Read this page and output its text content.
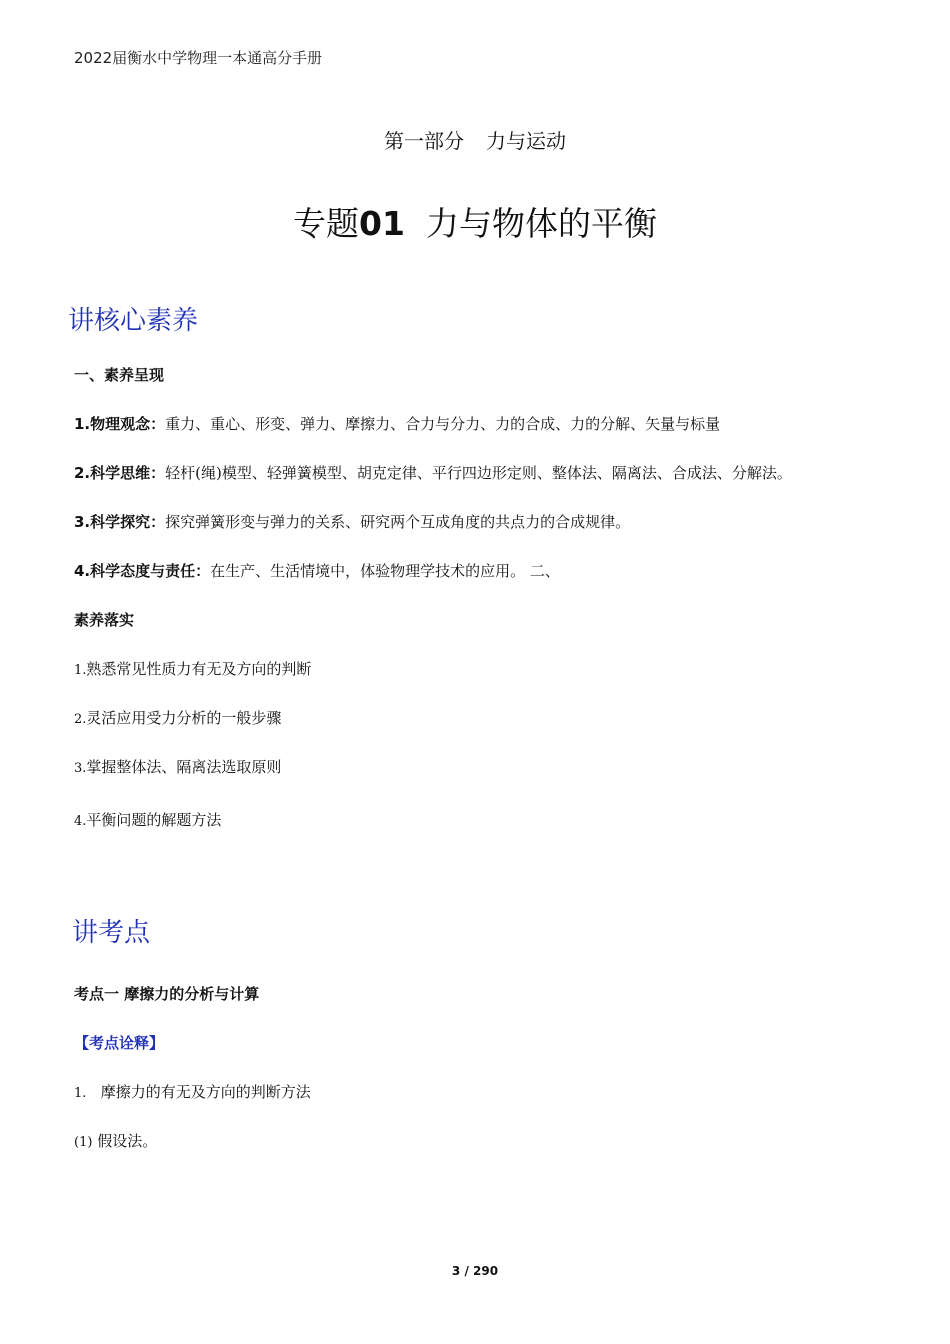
2022届衡水中学物理一本通高分手册
第一部分 力与运动
专题01 力与物体的平衡
讲核心素养
一、素养呈现
1.物理观念：重力、重心、形变、弹力、摩擦力、合力与分力、力的合成、力的分解、矢量与标量
2.科学思维：轻杆(绳)模型、轻弹簧模型、胡克定律、平行四边形定则、整体法、隔离法、合成法、分解法。
3.科学探究：探究弹簧形变与弹力的关系、研究两个互成角度的共点力的合成规律。
4.科学态度与责任：在生产、生活情境中，体验物理学技术的应用。 二、
素养落实
1.熟悉常见性质力有无及方向的判断
2.灵活应用受力分析的一般步骤
3.掌握整体法、隔离法选取原则
4.平衡问题的解题方法
讲考点
考点一 摩擦力的分析与计算
【考点诠释】
1. 摩擦力的有无及方向的判断方法
(1) 假设法。
3 / 290
